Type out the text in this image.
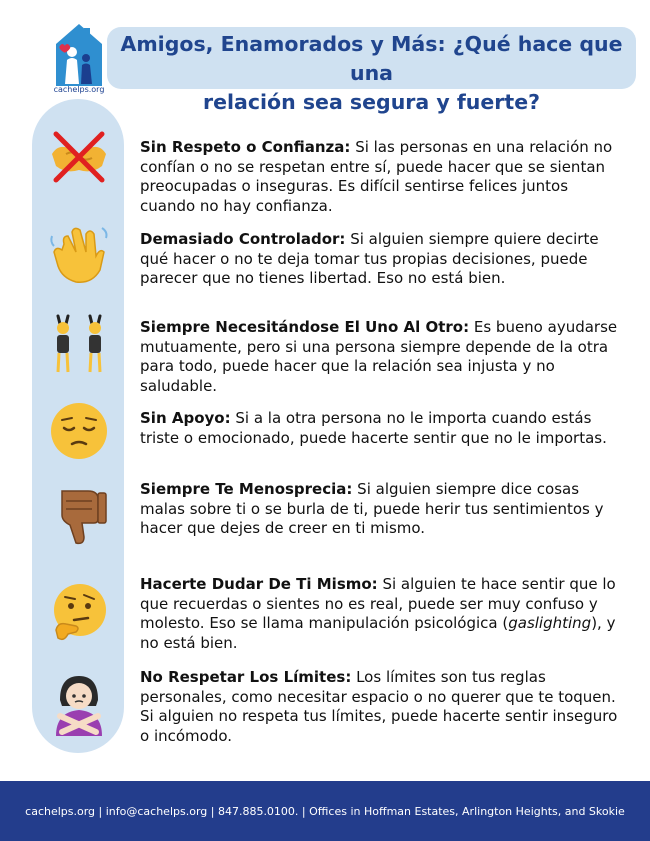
cachelps.org
Amigos, Enamorados y Más: ¿Qué hace que una
relación sea segura y fuerte?
Sin Respeto o Confianza: Si las personas en una relación no confían o no se respetan entre sí, puede hacer que se sientan preocupadas o inseguras. Es difícil sentirse felices juntos cuando no hay confianza.
Demasiado Controlador: Si alguien siempre quiere decirte qué hacer o no te deja tomar tus propias decisiones, puede parecer que no tienes libertad. Eso no está bien.
Siempre Necesitándose El Uno Al Otro: Es bueno ayudarse mutuamente, pero si una persona siempre depende de la otra para todo, puede hacer que la relación sea injusta y no saludable.
Sin Apoyo: Si a la otra persona no le importa cuando estás triste o emocionado, puede hacerte sentir que no le importas.
Siempre Te Menosprecia: Si alguien siempre dice cosas malas sobre ti o se burla de ti, puede herir tus sentimientos y hacer que dejes de creer en ti mismo.
Hacerte Dudar De Ti Mismo: Si alguien te hace sentir que lo que recuerdas o sientes no es real, puede ser muy confuso y molesto. Eso se llama manipulación psicológica (gaslighting), y no está bien.
No Respetar Los Límites: Los límites son tus reglas personales, como necesitar espacio o no querer que te toquen. Si alguien no respeta tus límites, puede hacerte sentir inseguro o incómodo.
cachelps.org | info@cachelps.org | 847.885.0100. | Offices in Hoffman Estates, Arlington Heights, and Skokie
